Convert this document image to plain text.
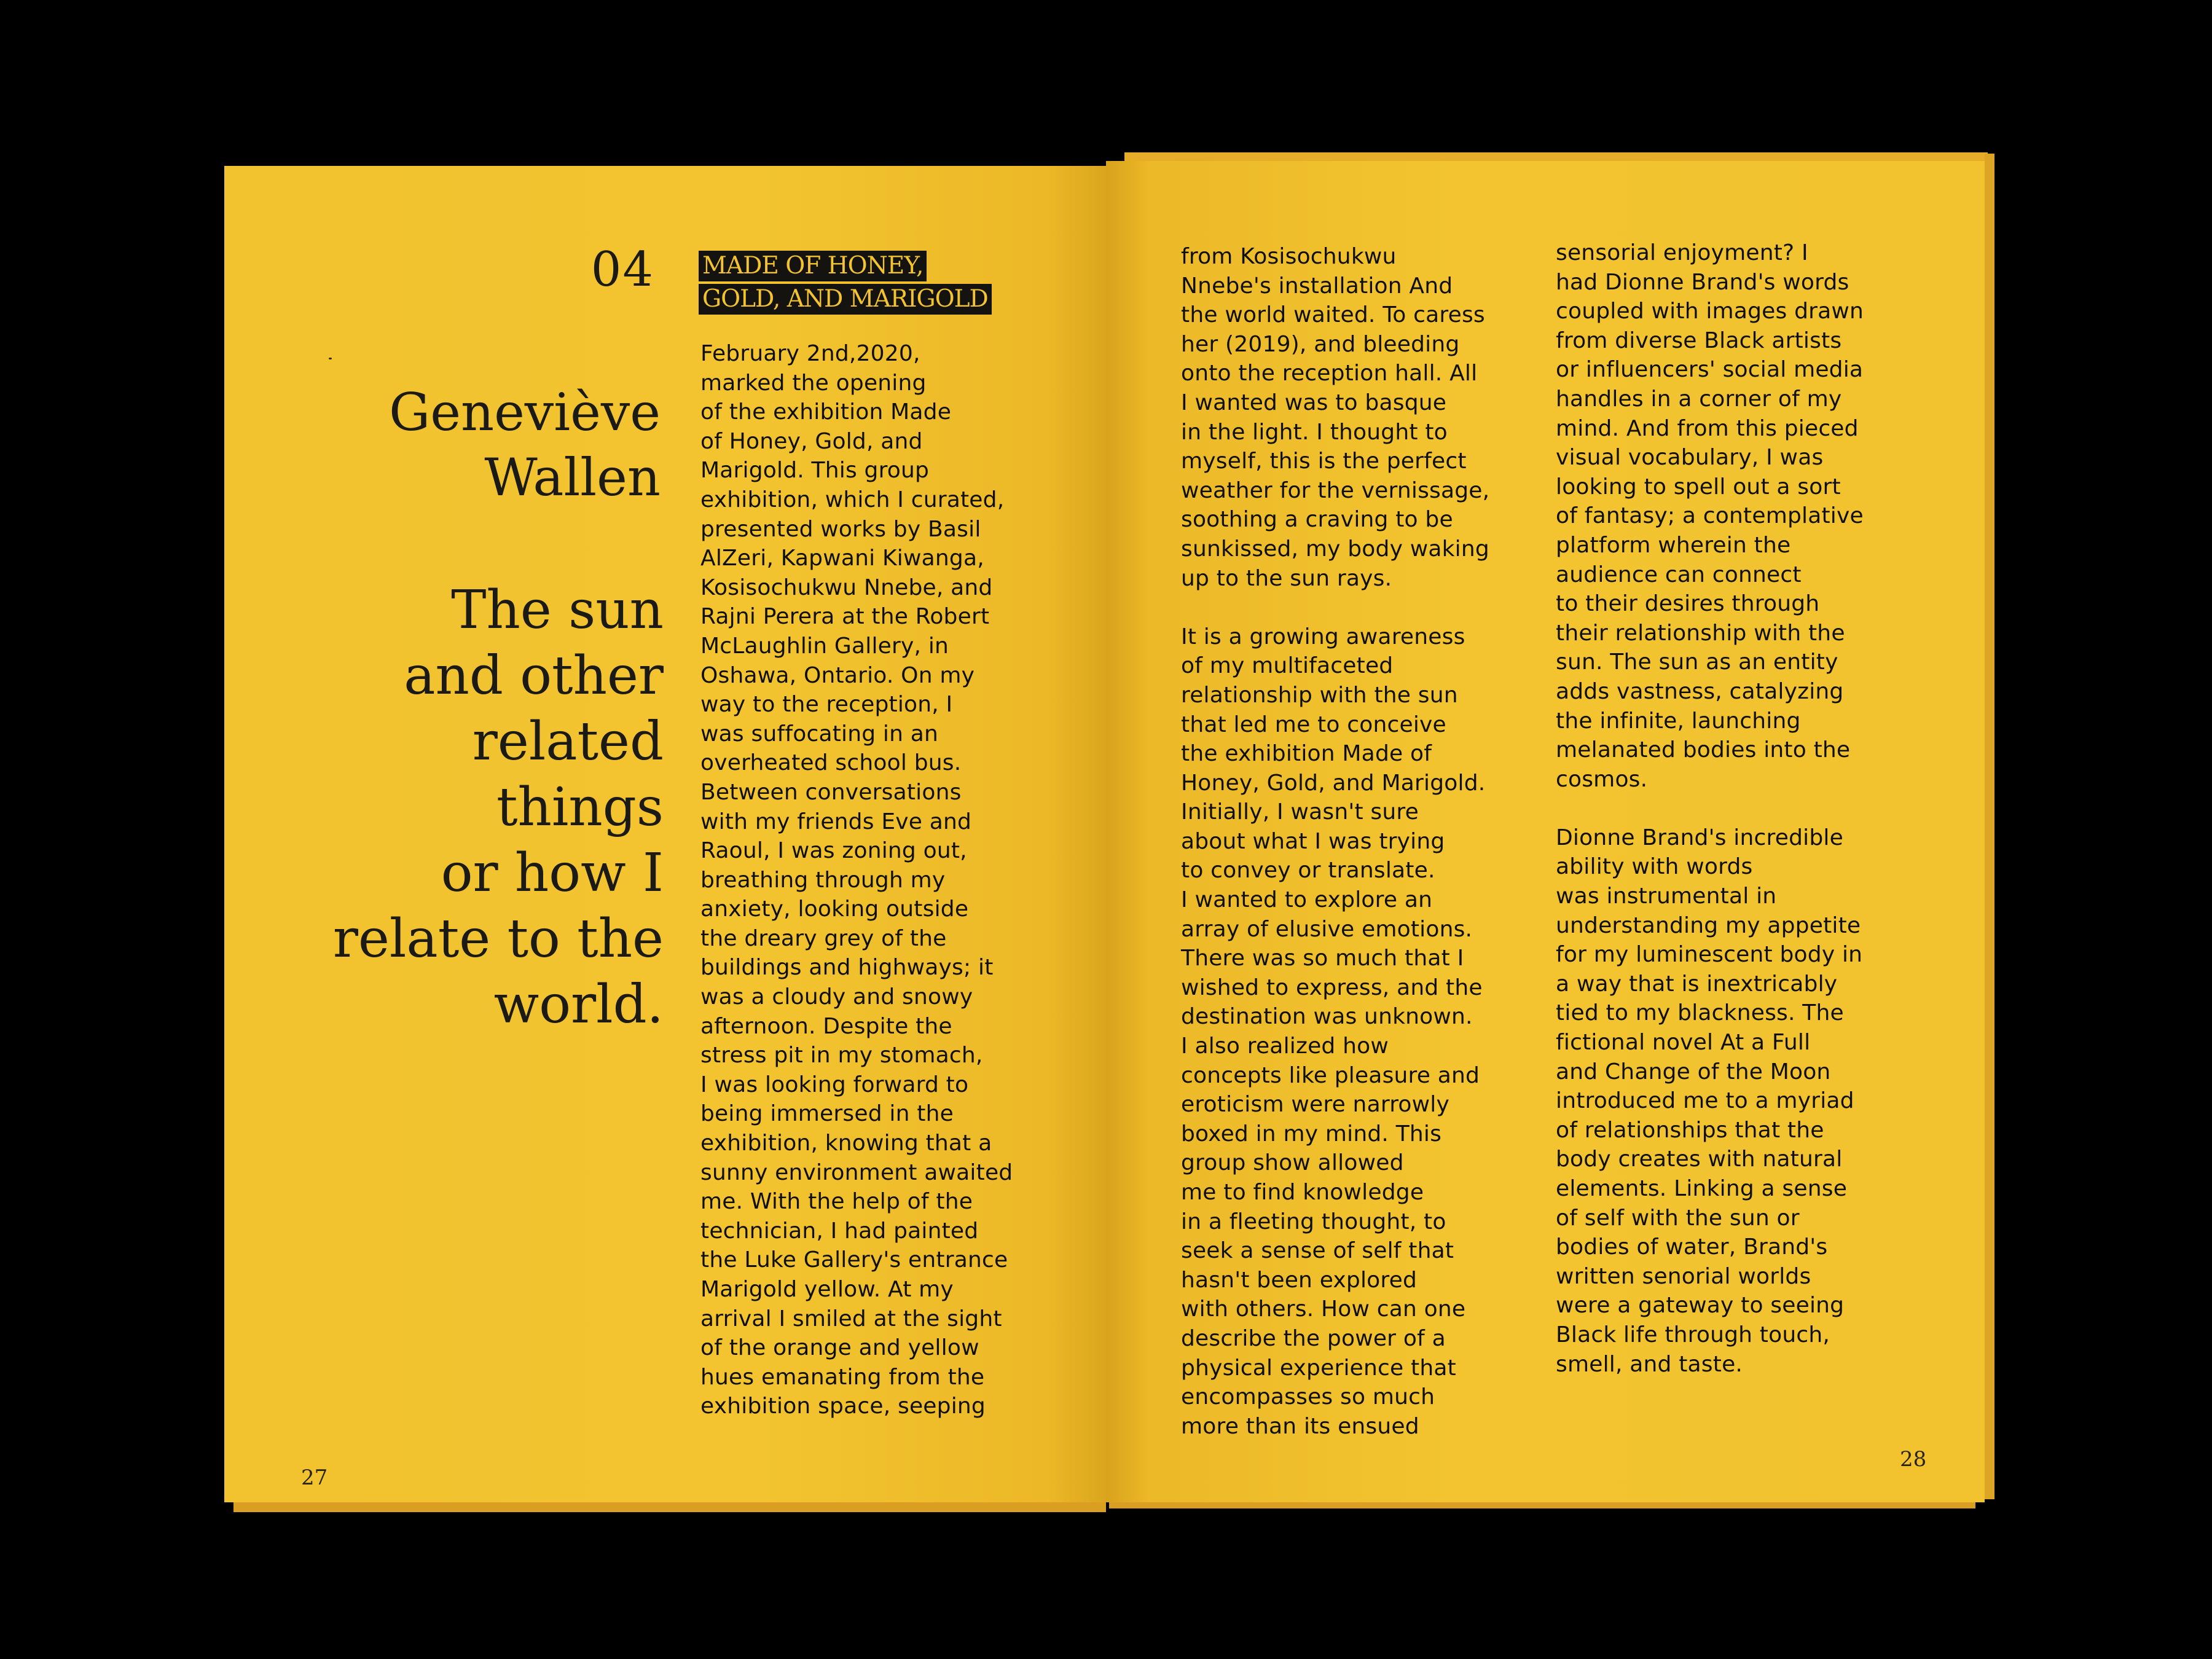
04
Geneviève
Wallen
The sun
and other
related
things
or how I
relate to the
world.
MADE OF HONEY,
GOLD, AND MARIGOLD
February 2nd,2020,
marked the opening
of the exhibition Made
of Honey, Gold, and
Marigold. This group
exhibition, which I curated,
presented works by Basil
AlZeri, Kapwani Kiwanga,
Kosisochukwu Nnebe, and
Rajni Perera at the Robert
McLaughlin Gallery, in
Oshawa, Ontario. On my
way to the reception, I
was suffocating in an
overheated school bus.
Between conversations
with my friends Eve and
Raoul, I was zoning out,
breathing through my
anxiety, looking outside
the dreary grey of the
buildings and highways; it
was a cloudy and snowy
afternoon. Despite the
stress pit in my stomach,
I was looking forward to
being immersed in the
exhibition, knowing that a
sunny environment awaited
me. With the help of the
technician, I had painted
the Luke Gallery's entrance
Marigold yellow. At my
arrival I smiled at the sight
of the orange and yellow
hues emanating from the
exhibition space, seeping
27
from Kosisochukwu
Nnebe's installation And
the world waited. To caress
her (2019), and bleeding
onto the reception hall. All
I wanted was to basque
in the light. I thought to
myself, this is the perfect
weather for the vernissage,
soothing a craving to be
sunkissed, my body waking
up to the sun rays.

It is a growing awareness
of my multifaceted
relationship with the sun
that led me to conceive
the exhibition Made of
Honey, Gold, and Marigold.
Initially, I wasn't sure
about what I was trying
to convey or translate.
I wanted to explore an
array of elusive emotions.
There was so much that I
wished to express, and the
destination was unknown.
I also realized how
concepts like pleasure and
eroticism were narrowly
boxed in my mind. This
group show allowed
me to find knowledge
in a fleeting thought, to
seek a sense of self that
hasn't been explored
with others. How can one
describe the power of a
physical experience that
encompasses so much
more than its ensued
sensorial enjoyment? I
had Dionne Brand's words
coupled with images drawn
from diverse Black artists
or influencers' social media
handles in a corner of my
mind. And from this pieced
visual vocabulary, I was
looking to spell out a sort
of fantasy; a contemplative
platform wherein the
audience can connect
to their desires through
their relationship with the
sun. The sun as an entity
adds vastness, catalyzing
the infinite, launching
melanated bodies into the
cosmos.

Dionne Brand's incredible
ability with words
was instrumental in
understanding my appetite
for my luminescent body in
a way that is inextricably
tied to my blackness. The
fictional novel At a Full
and Change of the Moon
introduced me to a myriad
of relationships that the
body creates with natural
elements. Linking a sense
of self with the sun or
bodies of water, Brand's
written senorial worlds
were a gateway to seeing
Black life through touch,
smell, and taste.
28
